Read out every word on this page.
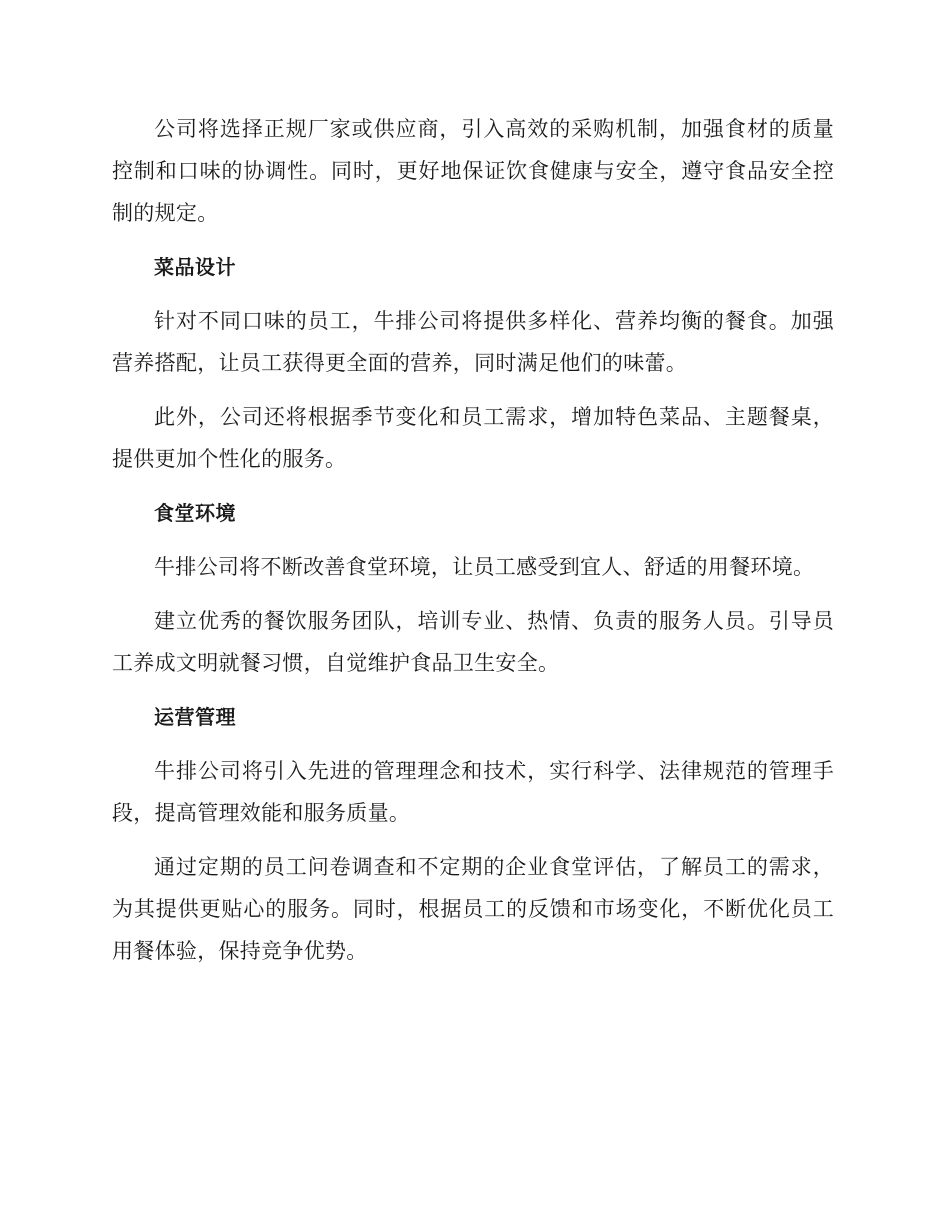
公司将选择正规厂家或供应商，引入高效的采购机制，加强食材的质量控制和口味的协调性。同时，更好地保证饮食健康与安全，遵守食品安全控制的规定。

菜品设计

针对不同口味的员工，牛排公司将提供多样化、营养均衡的餐食。加强营养搭配，让员工获得更全面的营养，同时满足他们的味蕾。

此外，公司还将根据季节变化和员工需求，增加特色菜品、主题餐桌，提供更加个性化的服务。

食堂环境

牛排公司将不断改善食堂环境，让员工感受到宜人、舒适的用餐环境。

建立优秀的餐饮服务团队，培训专业、热情、负责的服务人员。引导员工养成文明就餐习惯，自觉维护食品卫生安全。

运营管理

牛排公司将引入先进的管理理念和技术，实行科学、法律规范的管理手段，提高管理效能和服务质量。

通过定期的员工问卷调查和不定期的企业食堂评估，了解员工的需求，为其提供更贴心的服务。同时，根据员工的反馈和市场变化，不断优化员工用餐体验，保持竞争优势。
